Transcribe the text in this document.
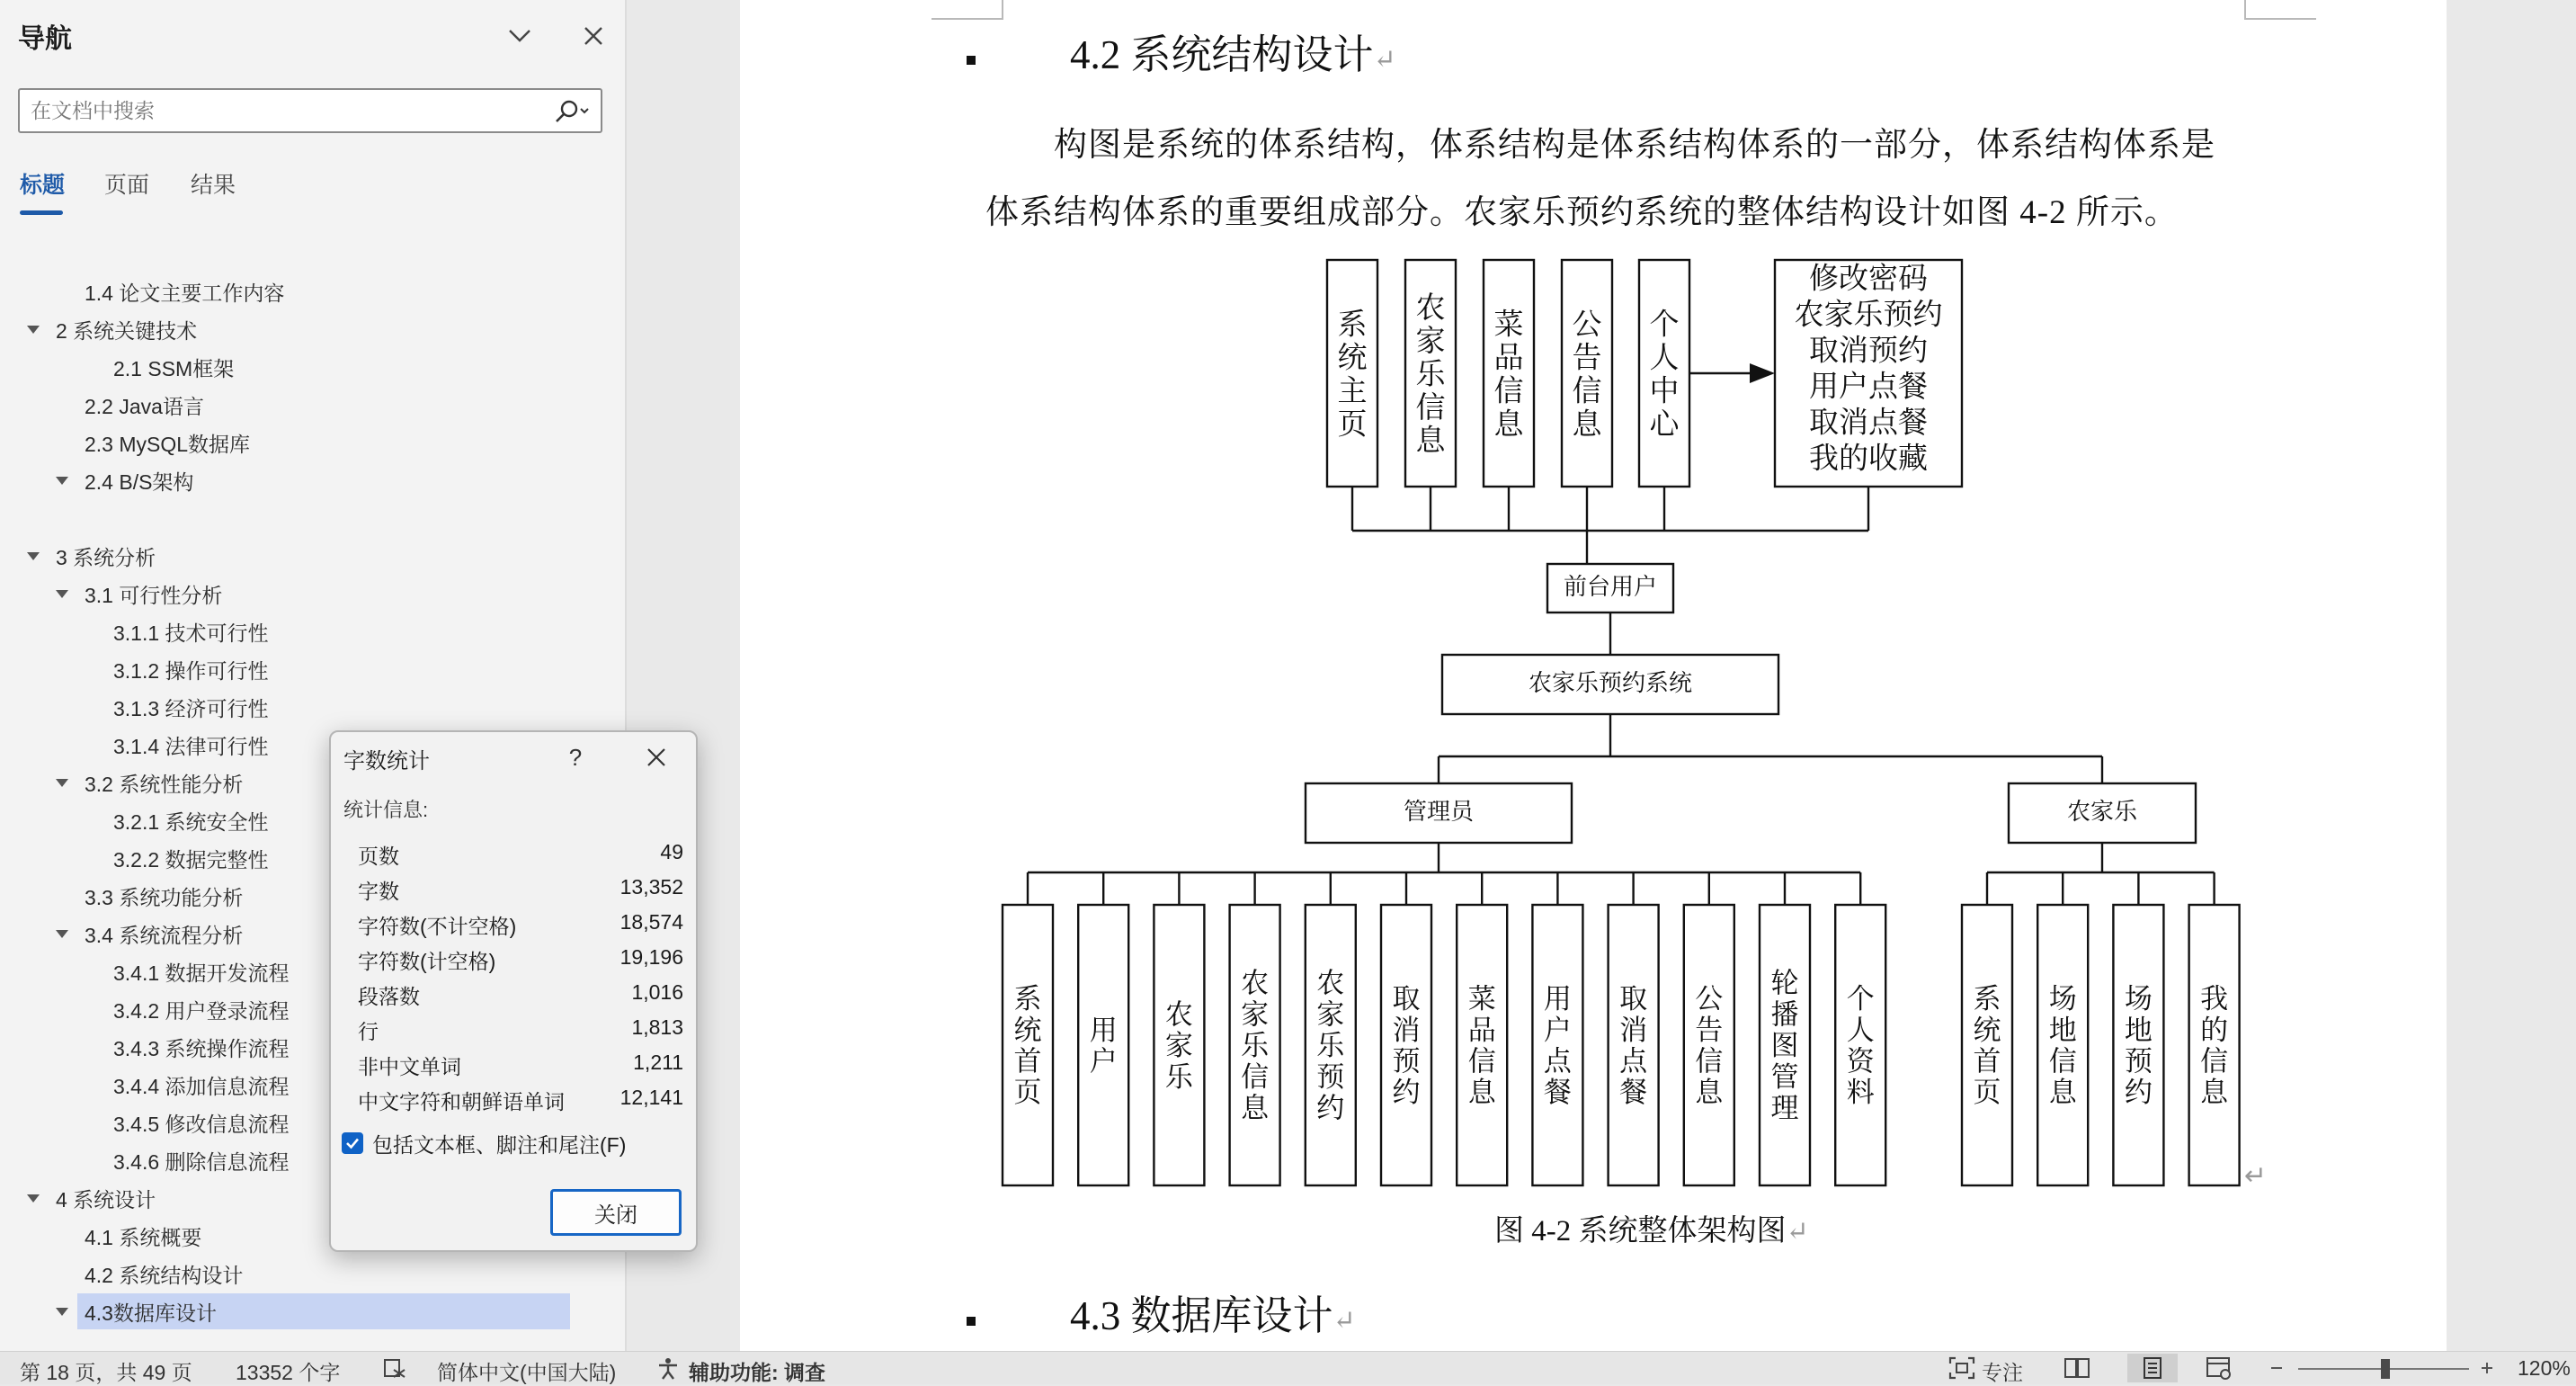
导航
在文档中搜索
标题 页面 结果
1.4 论文主要工作内容
2 系统关键技术
2.1 SSM框架
2.2 Java语言
2.3 MySQL数据库
2.4 B/S架构
3 系统分析
3.1 可行性分析
3.1.1 技术可行性
3.1.2 操作可行性
3.1.3 经济可行性
3.1.4 法律可行性
3.2 系统性能分析
3.2.1 系统安全性
3.2.2 数据完整性
3.3 系统功能分析
3.4 系统流程分析
3.4.1 数据开发流程
3.4.2 用户登录流程
3.4.3 系统操作流程
3.4.4 添加信息流程
3.4.5 修改信息流程
3.4.6 删除信息流程
4 系统设计
4.1 系统概要
4.2 系统结构设计
4.3数据库设计
4.2 系统结构设计↵
构图是系统的体系结构，体系结构是体系结构体系的一部分，体系结构体系是
体系结构体系的重要组成部分。农家乐预约系统的整体结构设计如图 4-2 所示。
系统主页
农家乐信息
菜品信息
公告信息
个人中心
修改密码
农家乐预约
取消预约
用户点餐
取消点餐
我的收藏
前台用户
农家乐预约系统
管理员
系统首页
用户
农家乐
农家乐信息
农家乐预约
取消预约
菜品信息
用户点餐
取消点餐
公告信息
轮播图管理
个人资料
农家乐
系统首页
场地信息
场地预约
我的信息
图 4-2 系统整体架构图↵
↵
4.3 数据库设计↵
字数统计	?
统计信息:
页数	49
字数	13,352
字符数(不计空格)	18,574
字符数(计空格)	19,196
段落数	1,016
行	1,813
非中文单词	1,211
中文字符和朝鲜语单词	12,141
包括文本框、脚注和尾注(F)
关闭
第 18 页，共 49 页 13352 个字	简体中文(中国大陆)	辅助功能: 调查	专注	120%
